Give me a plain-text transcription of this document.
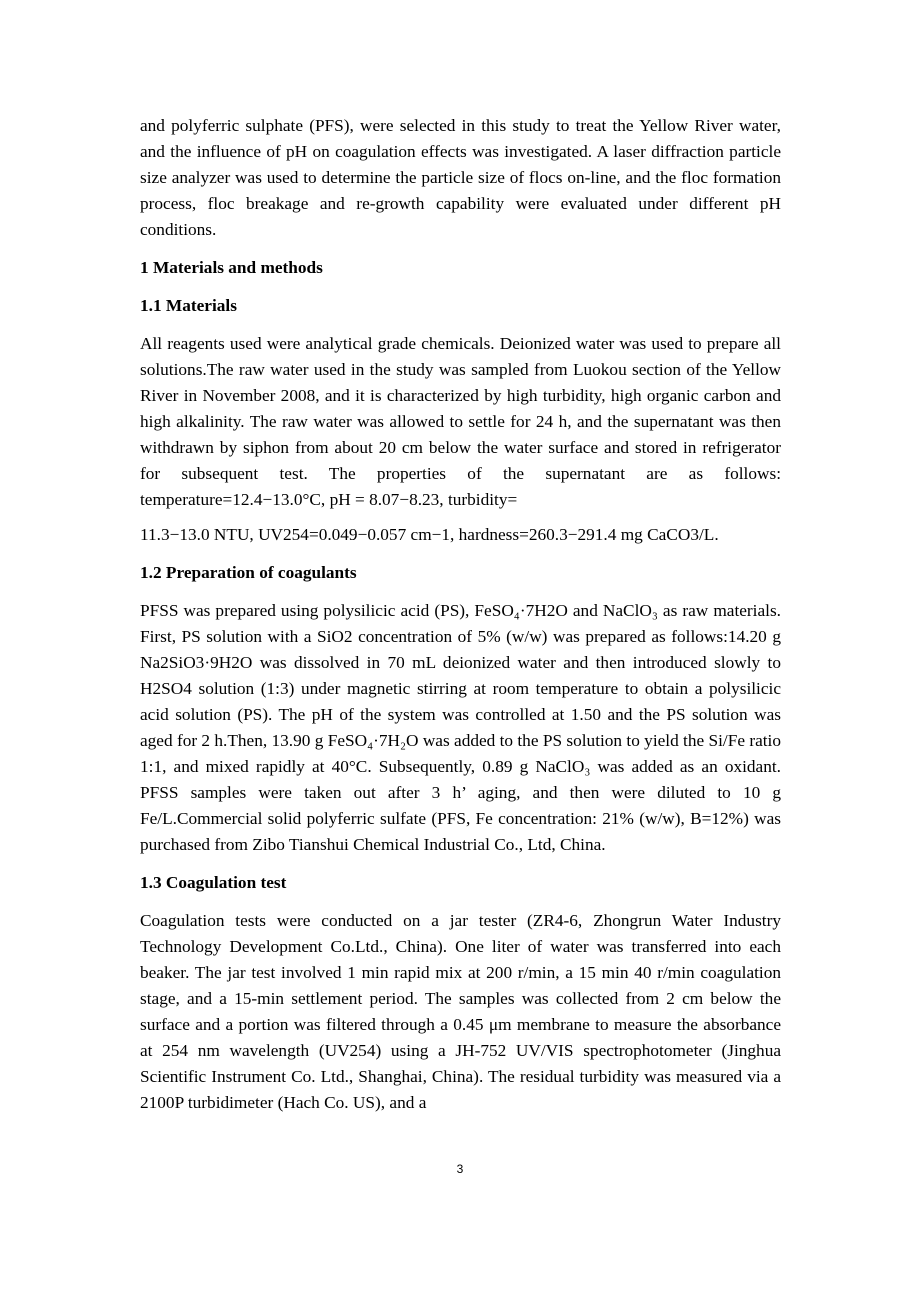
and polyferric sulphate (PFS), were selected in this study to treat the Yellow River water, and the influence of pH on coagulation effects was investigated. A laser diffraction particle size analyzer was used to determine the particle size of flocs on-line, and the floc formation process, floc breakage and re-growth capability were evaluated under different pH conditions.

1 Materials and methods

1.1 Materials

All reagents used were analytical grade chemicals. Deionized water was used to prepare all solutions.The raw water used in the study was sampled from Luokou section of the Yellow River in November 2008, and it is characterized by high turbidity, high organic carbon and high alkalinity. The raw water was allowed to settle for 24 h, and the supernatant was then withdrawn by siphon from about 20 cm below the water surface and stored in refrigerator for subsequent test. The properties of the supernatant are as follows: temperature=12.4−13.0°C, pH = 8.07−8.23, turbidity=

11.3−13.0 NTU, UV254=0.049−0.057 cm−1, hardness=260.3−291.4 mg CaCO3/L.

1.2 Preparation of coagulants

PFSS was prepared using polysilicic acid (PS), FeSO₄·7H2O and NaClO₃ as raw materials. First, PS solution with a SiO2 concentration of 5% (w/w) was prepared as follows:14.20 g Na2SiO3·9H2O was dissolved in 70 mL deionized water and then introduced slowly to H2SO4 solution (1:3) under magnetic stirring at room temperature to obtain a polysilicic acid solution (PS). The pH of the system was controlled at 1.50 and the PS solution was aged for 2 h.Then, 13.90 g FeSO₄·7H₂O was added to the PS solution to yield the Si/Fe ratio 1:1, and mixed rapidly at 40°C. Subsequently, 0.89 g NaClO₃ was added as an oxidant. PFSS samples were taken out after 3 h’ aging, and then were diluted to 10 g Fe/L.Commercial solid polyferric sulfate (PFS, Fe concentration: 21% (w/w), B=12%) was purchased from Zibo Tianshui Chemical Industrial Co., Ltd, China.

1.3 Coagulation test

Coagulation tests were conducted on a jar tester (ZR4-6, Zhongrun Water Industry Technology Development Co.Ltd., China). One liter of water was transferred into each beaker. The jar test involved 1 min rapid mix at 200 r/min, a 15 min 40 r/min coagulation stage, and a 15-min settlement period. The samples was collected from 2 cm below the surface and a portion was filtered through a 0.45 μm membrane to measure the absorbance at 254 nm wavelength (UV254) using a JH-752 UV/VIS spectrophotometer (Jinghua Scientific Instrument Co. Ltd., Shanghai, China). The residual turbidity was measured via a 2100P turbidimeter (Hach Co. US), and a

3
